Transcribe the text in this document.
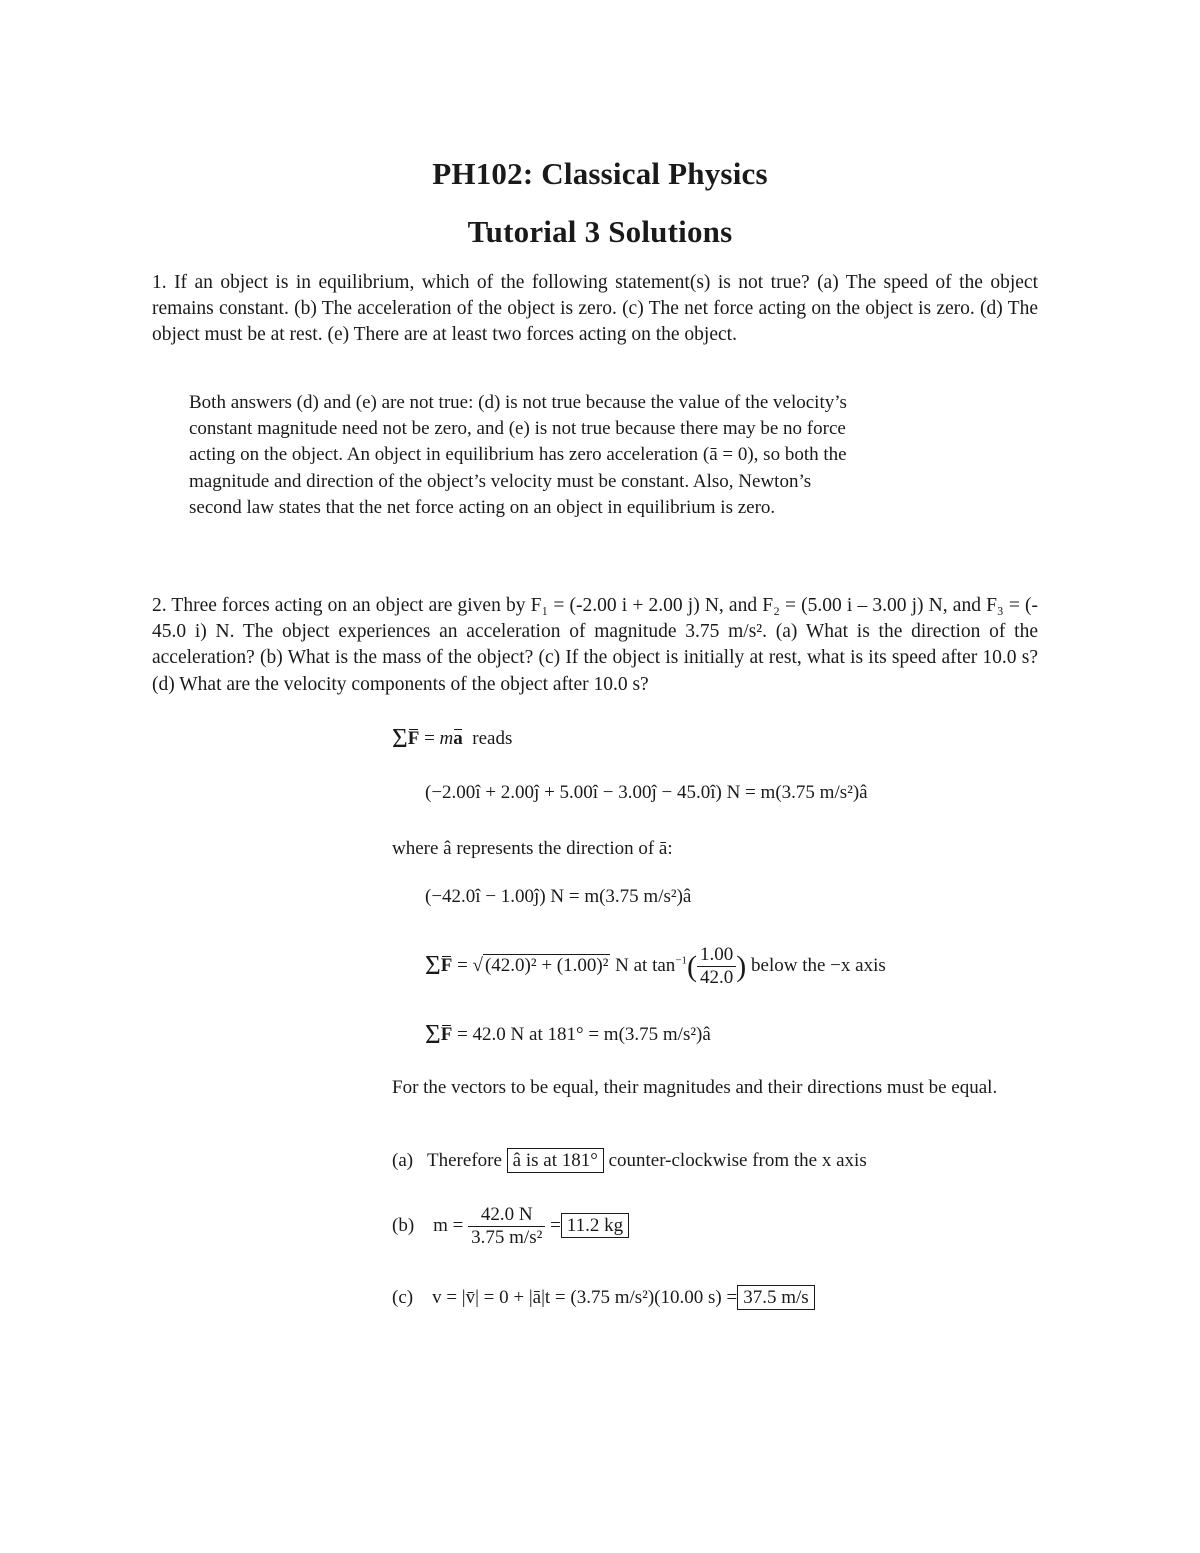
PH102: Classical Physics
Tutorial 3 Solutions
1. If an object is in equilibrium, which of the following statement(s) is not true? (a) The speed of the object remains constant. (b) The acceleration of the object is zero. (c) The net force acting on the object is zero. (d) The object must be at rest. (e) There are at least two forces acting on the object.
Both answers (d) and (e) are not true: (d) is not true because the value of the velocity’s constant magnitude need not be zero, and (e) is not true because there may be no force acting on the object. An object in equilibrium has zero acceleration (ā = 0), so both the magnitude and direction of the object’s velocity must be constant. Also, Newton’s second law states that the net force acting on an object in equilibrium is zero.
2. Three forces acting on an object are given by F₁ = (-2.00 i + 2.00 j) N, and F₂ = (5.00 i – 3.00 j) N, and F₃ = (- 45.0 i) N. The object experiences an acceleration of magnitude 3.75 m/s². (a) What is the direction of the acceleration? (b) What is the mass of the object? (c) If the object is initially at rest, what is its speed after 10.0 s? (d) What are the velocity components of the object after 10.0 s?
ΣF = ma reads
(−2.00î + 2.00ĵ + 5.00î − 3.00ĵ − 45.0î) N = m(3.75 m/s²)â
where â represents the direction of ā:
(−42.0î − 1.00ĵ) N = m(3.75 m/s²)â
ΣF = √ (42.0)² + (1.00)² N at $\tan^{-1}( \frac{1.00}{42.0}$ ) below the −x axis
ΣF = 42.0 N at 181° = m(3.75 m/s²)â
For the vectors to be equal, their magnitudes and their directions must be equal.
(a) Therefore â is at 181° counter-clockwise from the x axis
(b) $m = \frac{42.0 N}{\text{3.75 m/s²}} = 11.2$ kg
(c) v = |v̄| = 0 + |ā|t = (3.75 m/s²)(10.00 s) = 37.5 m/s
